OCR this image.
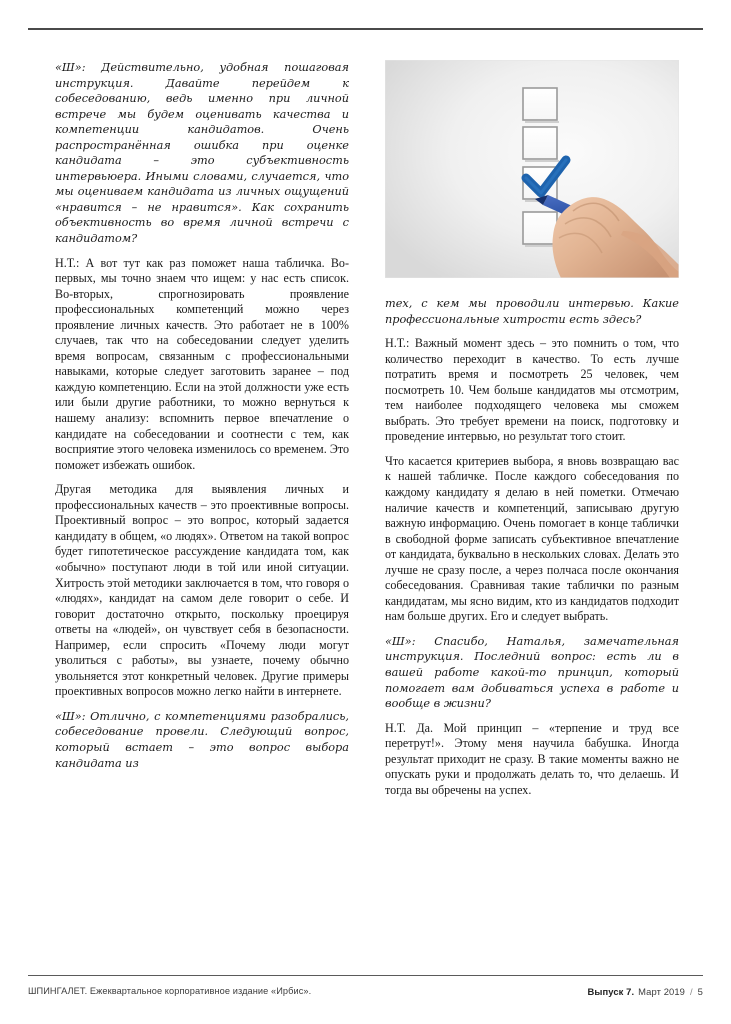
«Ш»: Действительно, удобная пошаговая инструкция. Давайте перейдем к собеседованию, ведь именно при личной встрече мы будем оценивать качества и компетенции кандидатов. Очень распространённая ошибка при оценке кандидата – это субъективность интервьюера. Иными словами, случается, что мы оцениваем кандидата из личных ощущений «нравится – не нравится». Как сохранить объективность во время личной встречи с кандидатом?

Н.Т.: А вот тут как раз поможет наша табличка. Во-первых, мы точно знаем что ищем: у нас есть список. Во-вторых, спрогнозировать проявление профессиональных компетенций можно через проявление личных качеств. Это работает не в 100% случаев, так что на собеседовании следует уделить время вопросам, связанным с профессиональными навыками, которые следует заготовить заранее – под каждую компетенцию. Если на этой должности уже есть или были другие работники, то можно вернуться к нашему анализу: вспомнить первое впечатление о кандидате на собеседовании и соотнести с тем, как восприятие этого человека изменилось со временем. Это поможет избежать ошибок.

Другая методика для выявления личных и профессиональных качеств – это проективные вопросы. Проективный вопрос – это вопрос, который задается кандидату в общем, «о людях». Ответом на такой вопрос будет гипотетическое рассуждение кандидата том, как «обычно» поступают люди в той или иной ситуации. Хитрость этой методики заключается в том, что говоря о «людях», кандидат на самом деле говорит о себе. И говорит достаточно открыто, поскольку проецируя ответы на «людей», он чувствует себя в безопасности. Например, если спросить «Почему люди могут уволиться с работы», вы узнаете, почему обычно увольняется этот конкретный человек. Другие примеры проективных вопросов можно легко найти в интернете.

«Ш»: Отлично, с компетенциями разобрались, собеседование провели. Следующий вопрос, который встает – это вопрос выбора кандидата из

тех, с кем мы проводили интервью. Какие профессиональные хитрости есть здесь?

Н.Т.: Важный момент здесь – это помнить о том, что количество переходит в качество. То есть лучше потратить время и посмотреть 25 человек, чем посмотреть 10. Чем больше кандидатов мы отсмотрим, тем наиболее подходящего человека мы сможем выбрать. Это требует времени на поиск, подготовку и проведение интервью, но результат того стоит.

Что касается критериев выбора, я вновь возвращаю вас к нашей табличке. После каждого собеседования по каждому кандидату я делаю в ней пометки. Отмечаю наличие качеств и компетенций, записываю другую важную информацию. Очень помогает в конце таблички в свободной форме записать субъективное впечатление от кандидата, буквально в нескольких словах. Делать это лучше не сразу после, а через полчаса после окончания собеседования. Сравнивая такие таблички по разным кандидатам, мы ясно видим, кто из кандидатов подходит нам больше других. Его и следует выбрать.

«Ш»: Спасибо, Наталья, замечательная инструкция. Последний вопрос: есть ли в вашей работе какой-то принцип, который помогает вам добиваться успеха в работе и вообще в жизни?

Н.Т. Да. Мой принцип – «терпение и труд все перетрут!». Этому меня научила бабушка. Иногда результат приходит не сразу. В такие моменты важно не опускать руки и продолжать делать то, что делаешь. И тогда вы обречены на успех.

ШПИНГАЛЕТ. Ежеквартальное корпоративное издание «Ирбис».	Выпуск 7. Март 2019 / 5
